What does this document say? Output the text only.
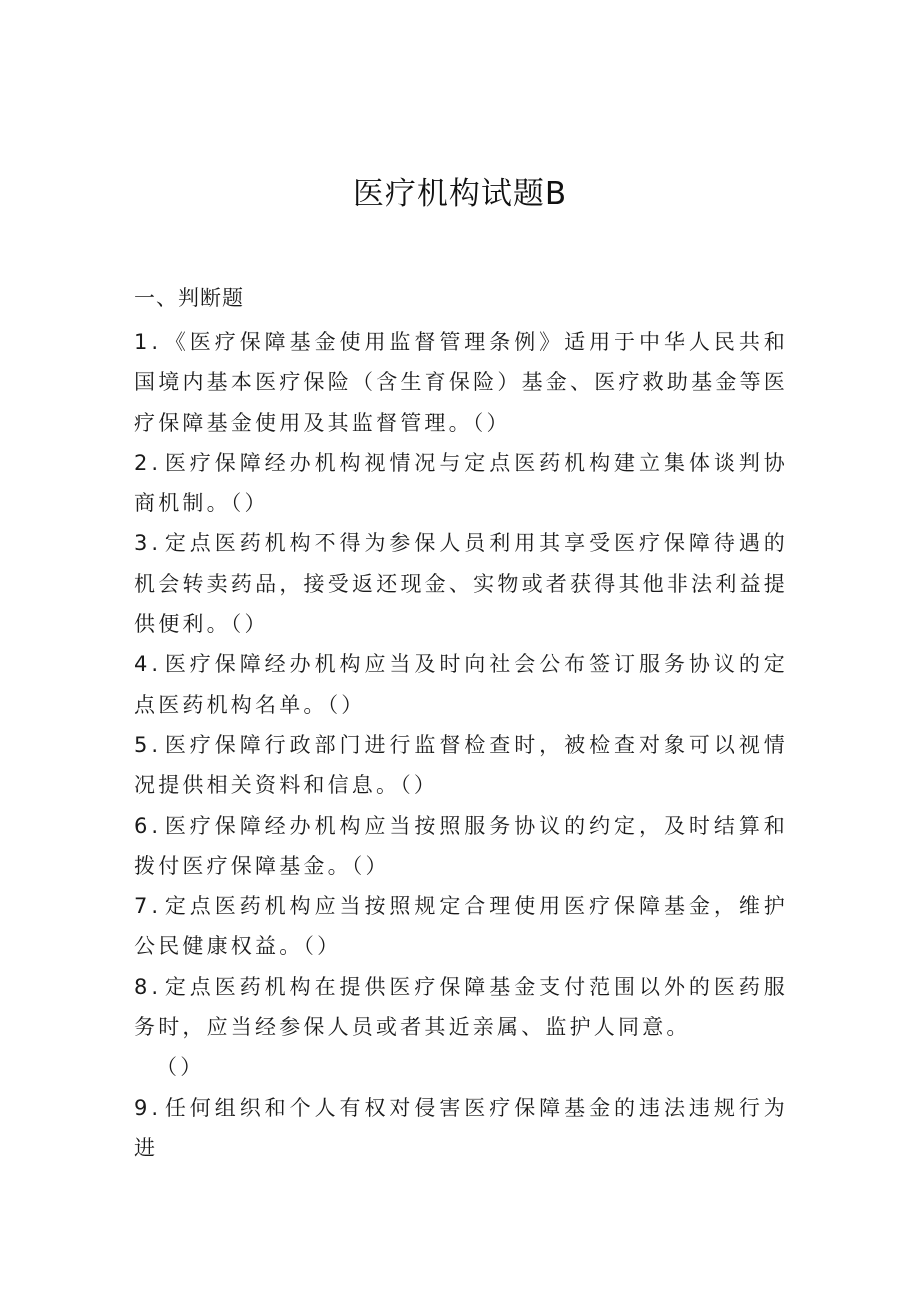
医疗机构试题B
一、判断题
1 . 《医疗保障基金使用监督管理条例》适用于中华人民共和国境内基本医疗保险（含生育保险）基金、医疗救助基金等医疗保障基金使用及其监督管理。（）
2 . 医疗保障经办机构视情况与定点医药机构建立集体谈判协商机制。（）
3 . 定点医药机构不得为参保人员利用其享受医疗保障待遇的机会转卖药品，接受返还现金、实物或者获得其他非法利益提供便利。（）
4 . 医疗保障经办机构应当及时向社会公布签订服务协议的定点医药机构名单。（）
5 . 医疗保障行政部门进行监督检查时，被检查对象可以视情况提供相关资料和信息。（）
6 . 医疗保障经办机构应当按照服务协议的约定，及时结算和拨付医疗保障基金。（）
7 . 定点医药机构应当按照规定合理使用医疗保障基金，维护公民健康权益。（）
8 . 定点医药机构在提供医疗保障基金支付范围以外的医药服务时，应当经参保人员或者其近亲属、监护人同意。
（）
9 . 任何组织和个人有权对侵害医疗保障基金的违法违规行为进
